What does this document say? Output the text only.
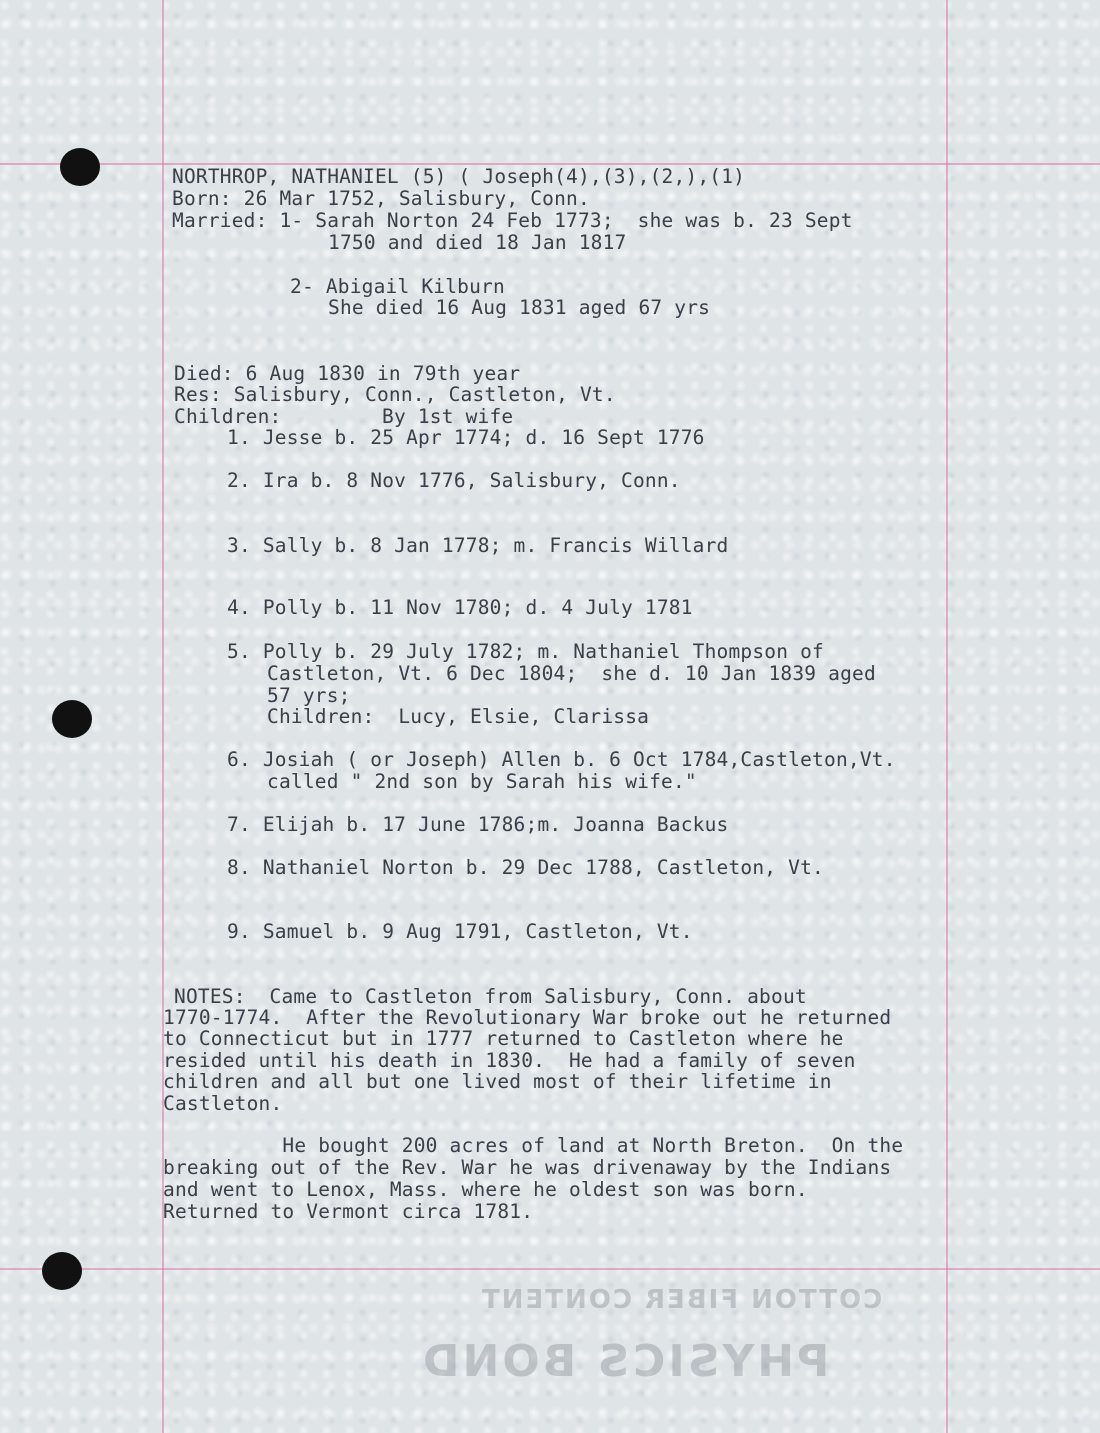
NORTHROP, NATHANIEL (5) ( Joseph(4),(3),(2,),(1)
Born: 26 Mar 1752, Salisbury, Conn.
Married: 1- Sarah Norton 24 Feb 1773;  she was b. 23 Sept
1750 and died 18 Jan 1817
2- Abigail Kilburn
She died 16 Aug 1831 aged 67 yrs
Died: 6 Aug 1830 in 79th year
Res: Salisbury, Conn., Castleton, Vt.
Children:	By 1st wife
1. Jesse b. 25 Apr 1774; d. 16 Sept 1776
2. Ira b. 8 Nov 1776, Salisbury, Conn.
3. Sally b. 8 Jan 1778; m. Francis Willard
4. Polly b. 11 Nov 1780; d. 4 July 1781
5. Polly b. 29 July 1782; m. Nathaniel Thompson of
Castleton, Vt. 6 Dec 1804;  she d. 10 Jan 1839 aged
57 yrs;
Children:  Lucy, Elsie, Clarissa
6. Josiah ( or Joseph) Allen b. 6 Oct 1784,Castleton,Vt.
called " 2nd son by Sarah his wife."
7. Elijah b. 17 June 1786;m. Joanna Backus
8. Nathaniel Norton b. 29 Dec 1788, Castleton, Vt.
9. Samuel b. 9 Aug 1791, Castleton, Vt.
NOTES:  Came to Castleton from Salisbury, Conn. about
1770-1774.  After the Revolutionary War broke out he returned
to Connecticut but in 1777 returned to Castleton where he
resided until his death in 1830.  He had a family of seven
children and all but one lived most of their lifetime in
Castleton.
He bought 200 acres of land at North Breton.  On the
breaking out of the Rev. War he was drivenaway by the Indians
and went to Lenox, Mass. where he oldest son was born.
Returned to Vermont circa 1781.
COTTON FIBER CONTENT
PHYSICS BOND
